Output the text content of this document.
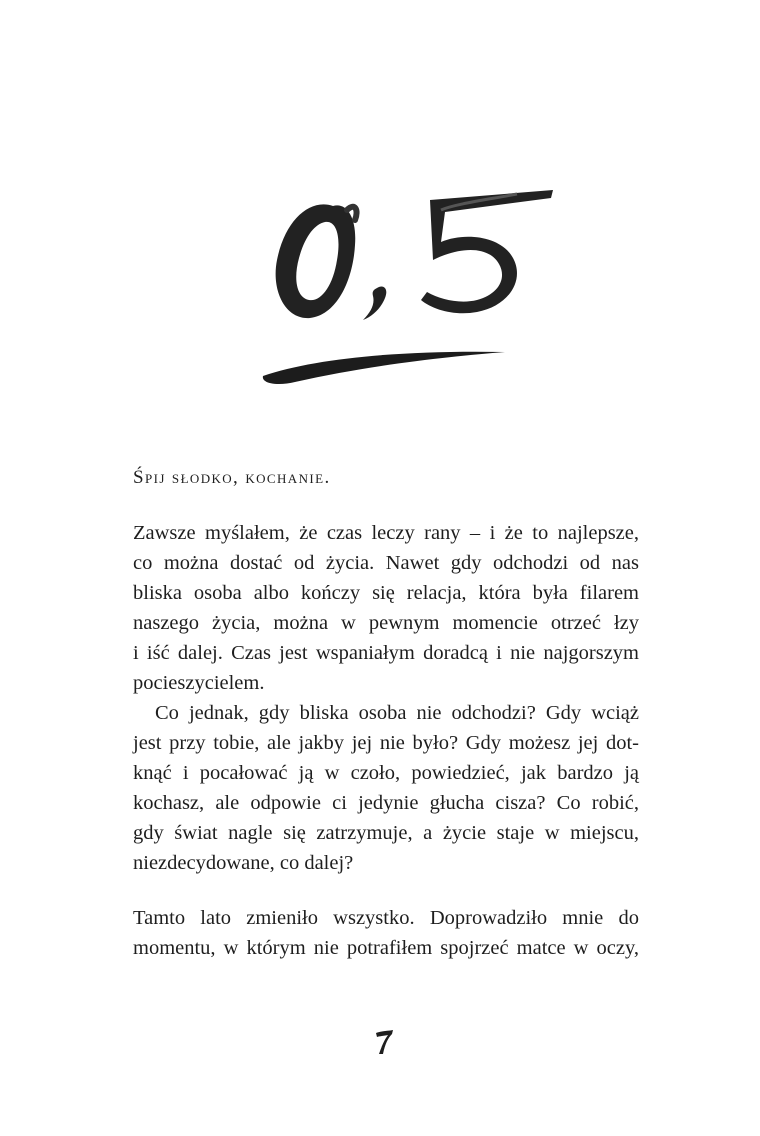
Śpij słodko, kochanie.

Zawsze myślałem, że czas leczy rany – i że to najlepsze,
co można dostać od życia. Nawet gdy odchodzi od nas
bliska osoba albo kończy się relacja, która była filarem
naszego życia, można w pewnym momencie otrzeć łzy
i iść dalej. Czas jest wspaniałym doradcą i nie najgorszym
pocieszycielem.

Co jednak, gdy bliska osoba nie odchodzi? Gdy wciąż
jest przy tobie, ale jakby jej nie było? Gdy możesz jej dot-
knąć i pocałować ją w czoło, powiedzieć, jak bardzo ją
kochasz, ale odpowie ci jedynie głucha cisza? Co robić,
gdy świat nagle się zatrzymuje, a życie staje w miejscu,
niezdecydowane, co dalej?

Tamto lato zmieniło wszystko. Doprowadziło mnie do
momentu, w którym nie potrafiłem spojrzeć matce w oczy,
